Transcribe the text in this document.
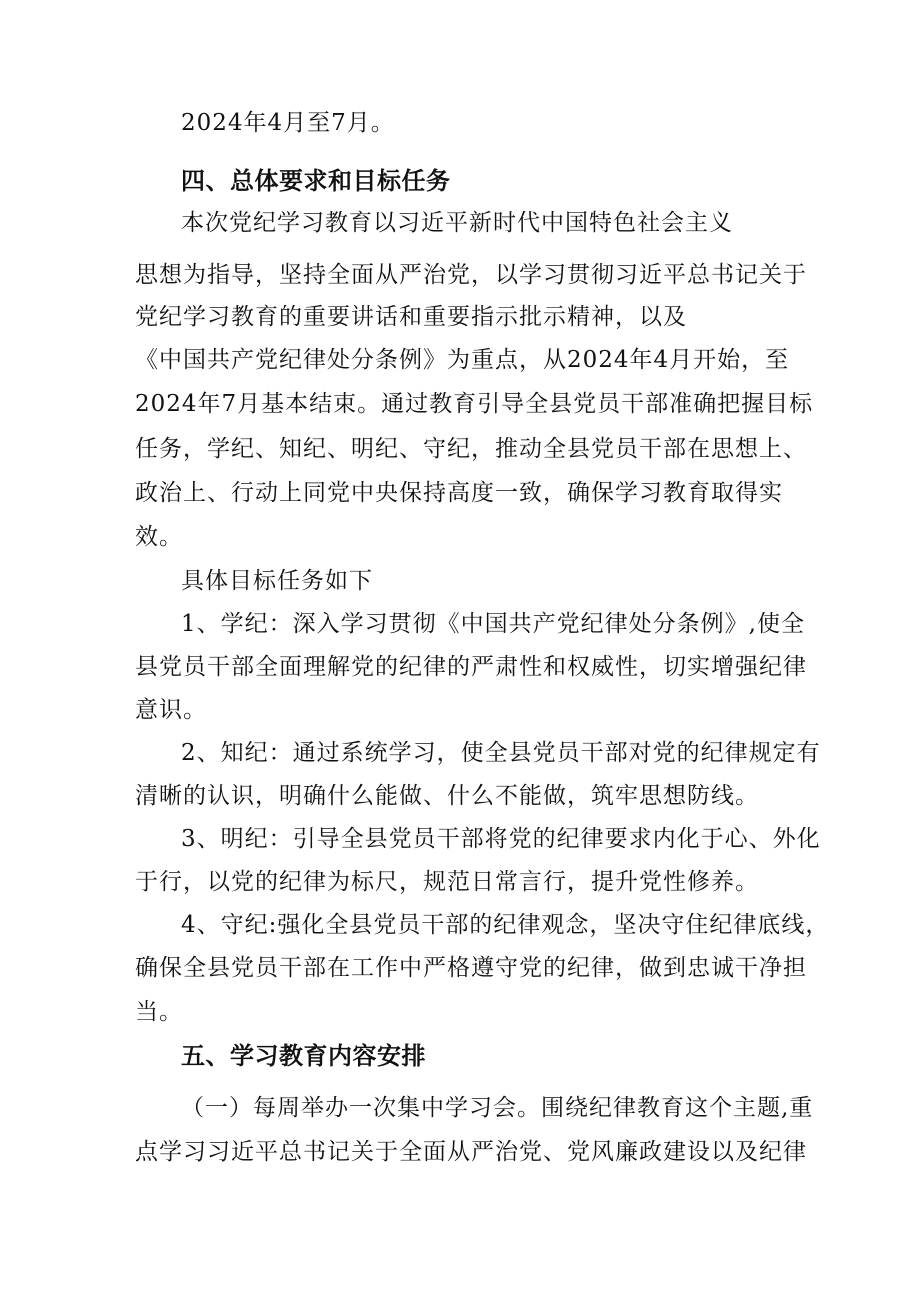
2024年4月至7月。
四、总体要求和目标任务
本次党纪学习教育以习近平新时代中国特色社会主义
思想为指导，坚持全面从严治党，以学习贯彻习近平总书记关于
党纪学习教育的重要讲话和重要指示批示精神，以及
《中国共产党纪律处分条例》为重点，从2024年4月开始，至
2024年7月基本结束。通过教育引导全县党员干部准确把握目标
任务，学纪、知纪、明纪、守纪，推动全县党员干部在思想上、
政治上、行动上同党中央保持高度一致，确保学习教育取得实
效。
具体目标任务如下
1、学纪：深入学习贯彻《中国共产党纪律处分条例》,使全
县党员干部全面理解党的纪律的严肃性和权威性，切实增强纪律
意识。
2、知纪：通过系统学习，使全县党员干部对党的纪律规定有
清晰的认识，明确什么能做、什么不能做，筑牢思想防线。
3、明纪：引导全县党员干部将党的纪律要求内化于心、外化
于行，以党的纪律为标尺，规范日常言行，提升党性修养。
4、守纪:强化全县党员干部的纪律观念，坚决守住纪律底线，
确保全县党员干部在工作中严格遵守党的纪律，做到忠诚干净担
当。
五、学习教育内容安排
（一）每周举办一次集中学习会。围绕纪律教育这个主题,重
点学习习近平总书记关于全面从严治党、党风廉政建设以及纪律
